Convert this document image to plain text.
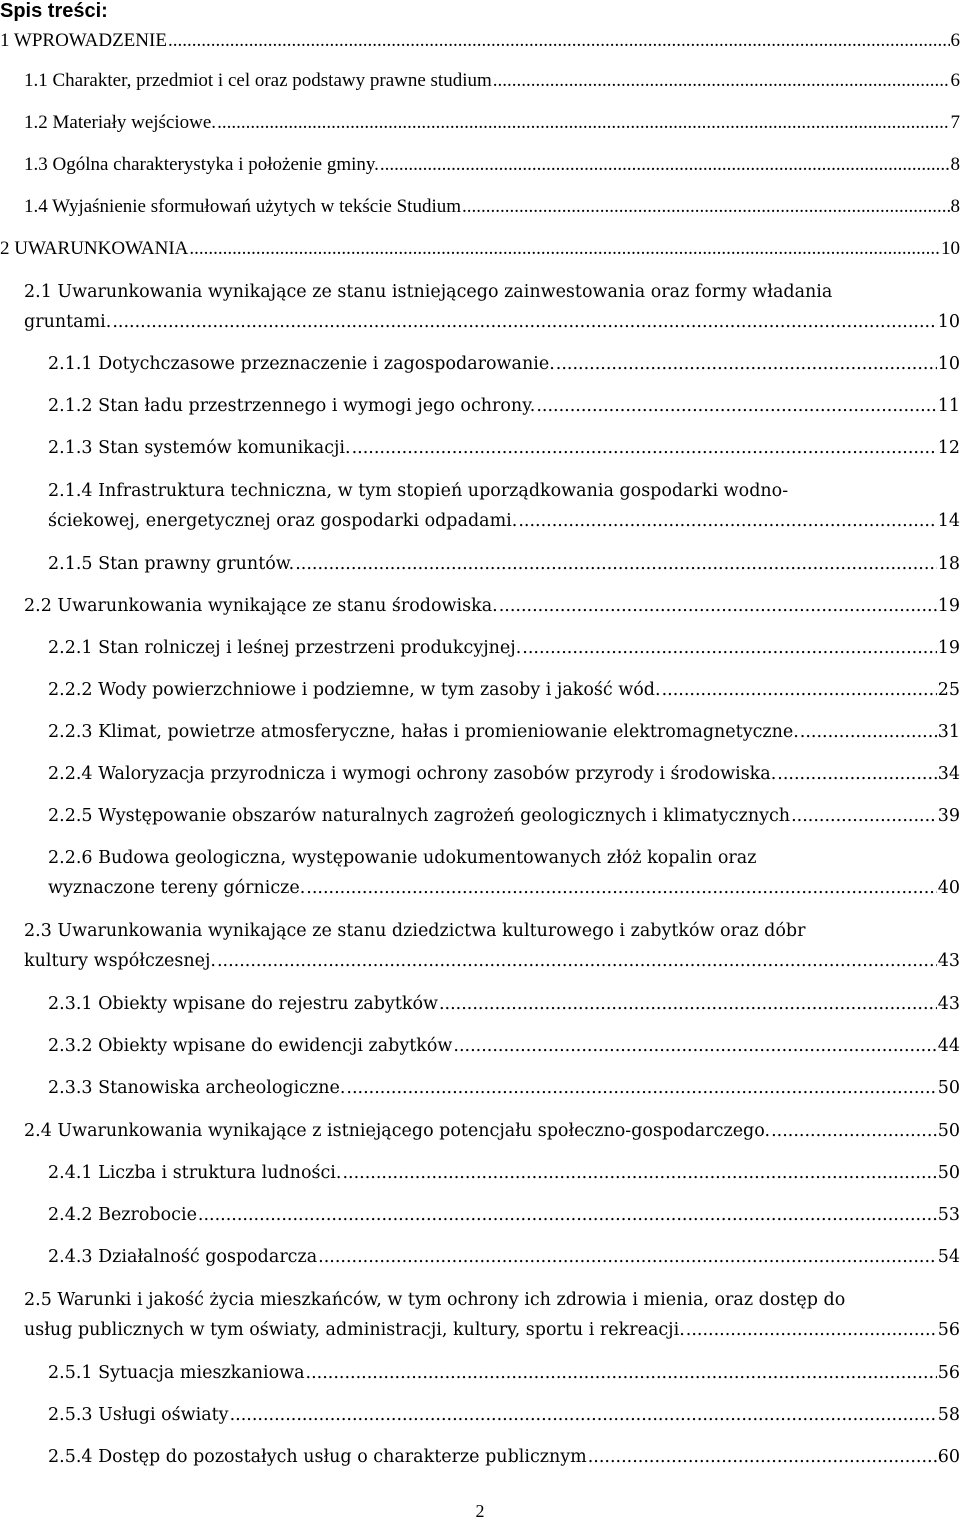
Spis treści:
1 WPROWADZENIE .....	6
1.1 Charakter, przedmiot i cel oraz podstawy prawne studium .....	6
1.2 Materiały wejściowe. .....	7
1.3 Ogólna charakterystyka i położenie gminy. .....	8
1.4 Wyjaśnienie sformułowań użytych w tekście Studium .....	8
2 UWARUNKOWANIA .....	10
2.1 Uwarunkowania wynikające ze stanu istniejącego zainwestowania oraz formy władania
gruntami. .....	10
2.1.1 Dotychczasowe przeznaczenie i zagospodarowanie. .....	10
2.1.2 Stan ładu przestrzennego i wymogi jego ochrony. .....	11
2.1.3 Stan systemów komunikacji. .....	12
2.1.4 Infrastruktura techniczna, w tym stopień uporządkowania gospodarki wodno-
ściekowej, energetycznej oraz gospodarki odpadami. .....	14
2.1.5 Stan prawny gruntów. .....	18
2.2 Uwarunkowania wynikające ze stanu środowiska. .....	19
2.2.1 Stan rolniczej i leśnej przestrzeni produkcyjnej. .....	19
2.2.2 Wody powierzchniowe i podziemne, w tym zasoby i jakość wód. .....	25
2.2.3 Klimat, powietrze atmosferyczne, hałas i promieniowanie elektromagnetyczne. .....	31
2.2.4 Waloryzacja przyrodnicza i wymogi ochrony zasobów przyrody i środowiska. .....	34
2.2.5 Występowanie obszarów naturalnych zagrożeń geologicznych i klimatycznych .....	39
2.2.6 Budowa geologiczna, występowanie udokumentowanych złóż kopalin oraz
wyznaczone tereny górnicze. .....	40
2.3 Uwarunkowania wynikające ze stanu dziedzictwa kulturowego i zabytków oraz dóbr
kultury współczesnej. .....	43
2.3.1 Obiekty wpisane do rejestru zabytków .....	43
2.3.2 Obiekty wpisane do ewidencji zabytków .....	44
2.3.3 Stanowiska archeologiczne. .....	50
2.4 Uwarunkowania wynikające z istniejącego potencjału społeczno-gospodarczego. .....	50
2.4.1 Liczba i struktura ludności. .....	50
2.4.2 Bezrobocie .....	53
2.4.3 Działalność gospodarcza .....	54
2.5 Warunki i jakość życia mieszkańców, w tym ochrony ich zdrowia i mienia, oraz dostęp do
usług publicznych w tym oświaty, administracji, kultury, sportu i rekreacji. .....	56
2.5.1 Sytuacja mieszkaniowa .....	56
2.5.3 Usługi oświaty .....	58
2.5.4 Dostęp do pozostałych usług o charakterze publicznym .....	60
2
